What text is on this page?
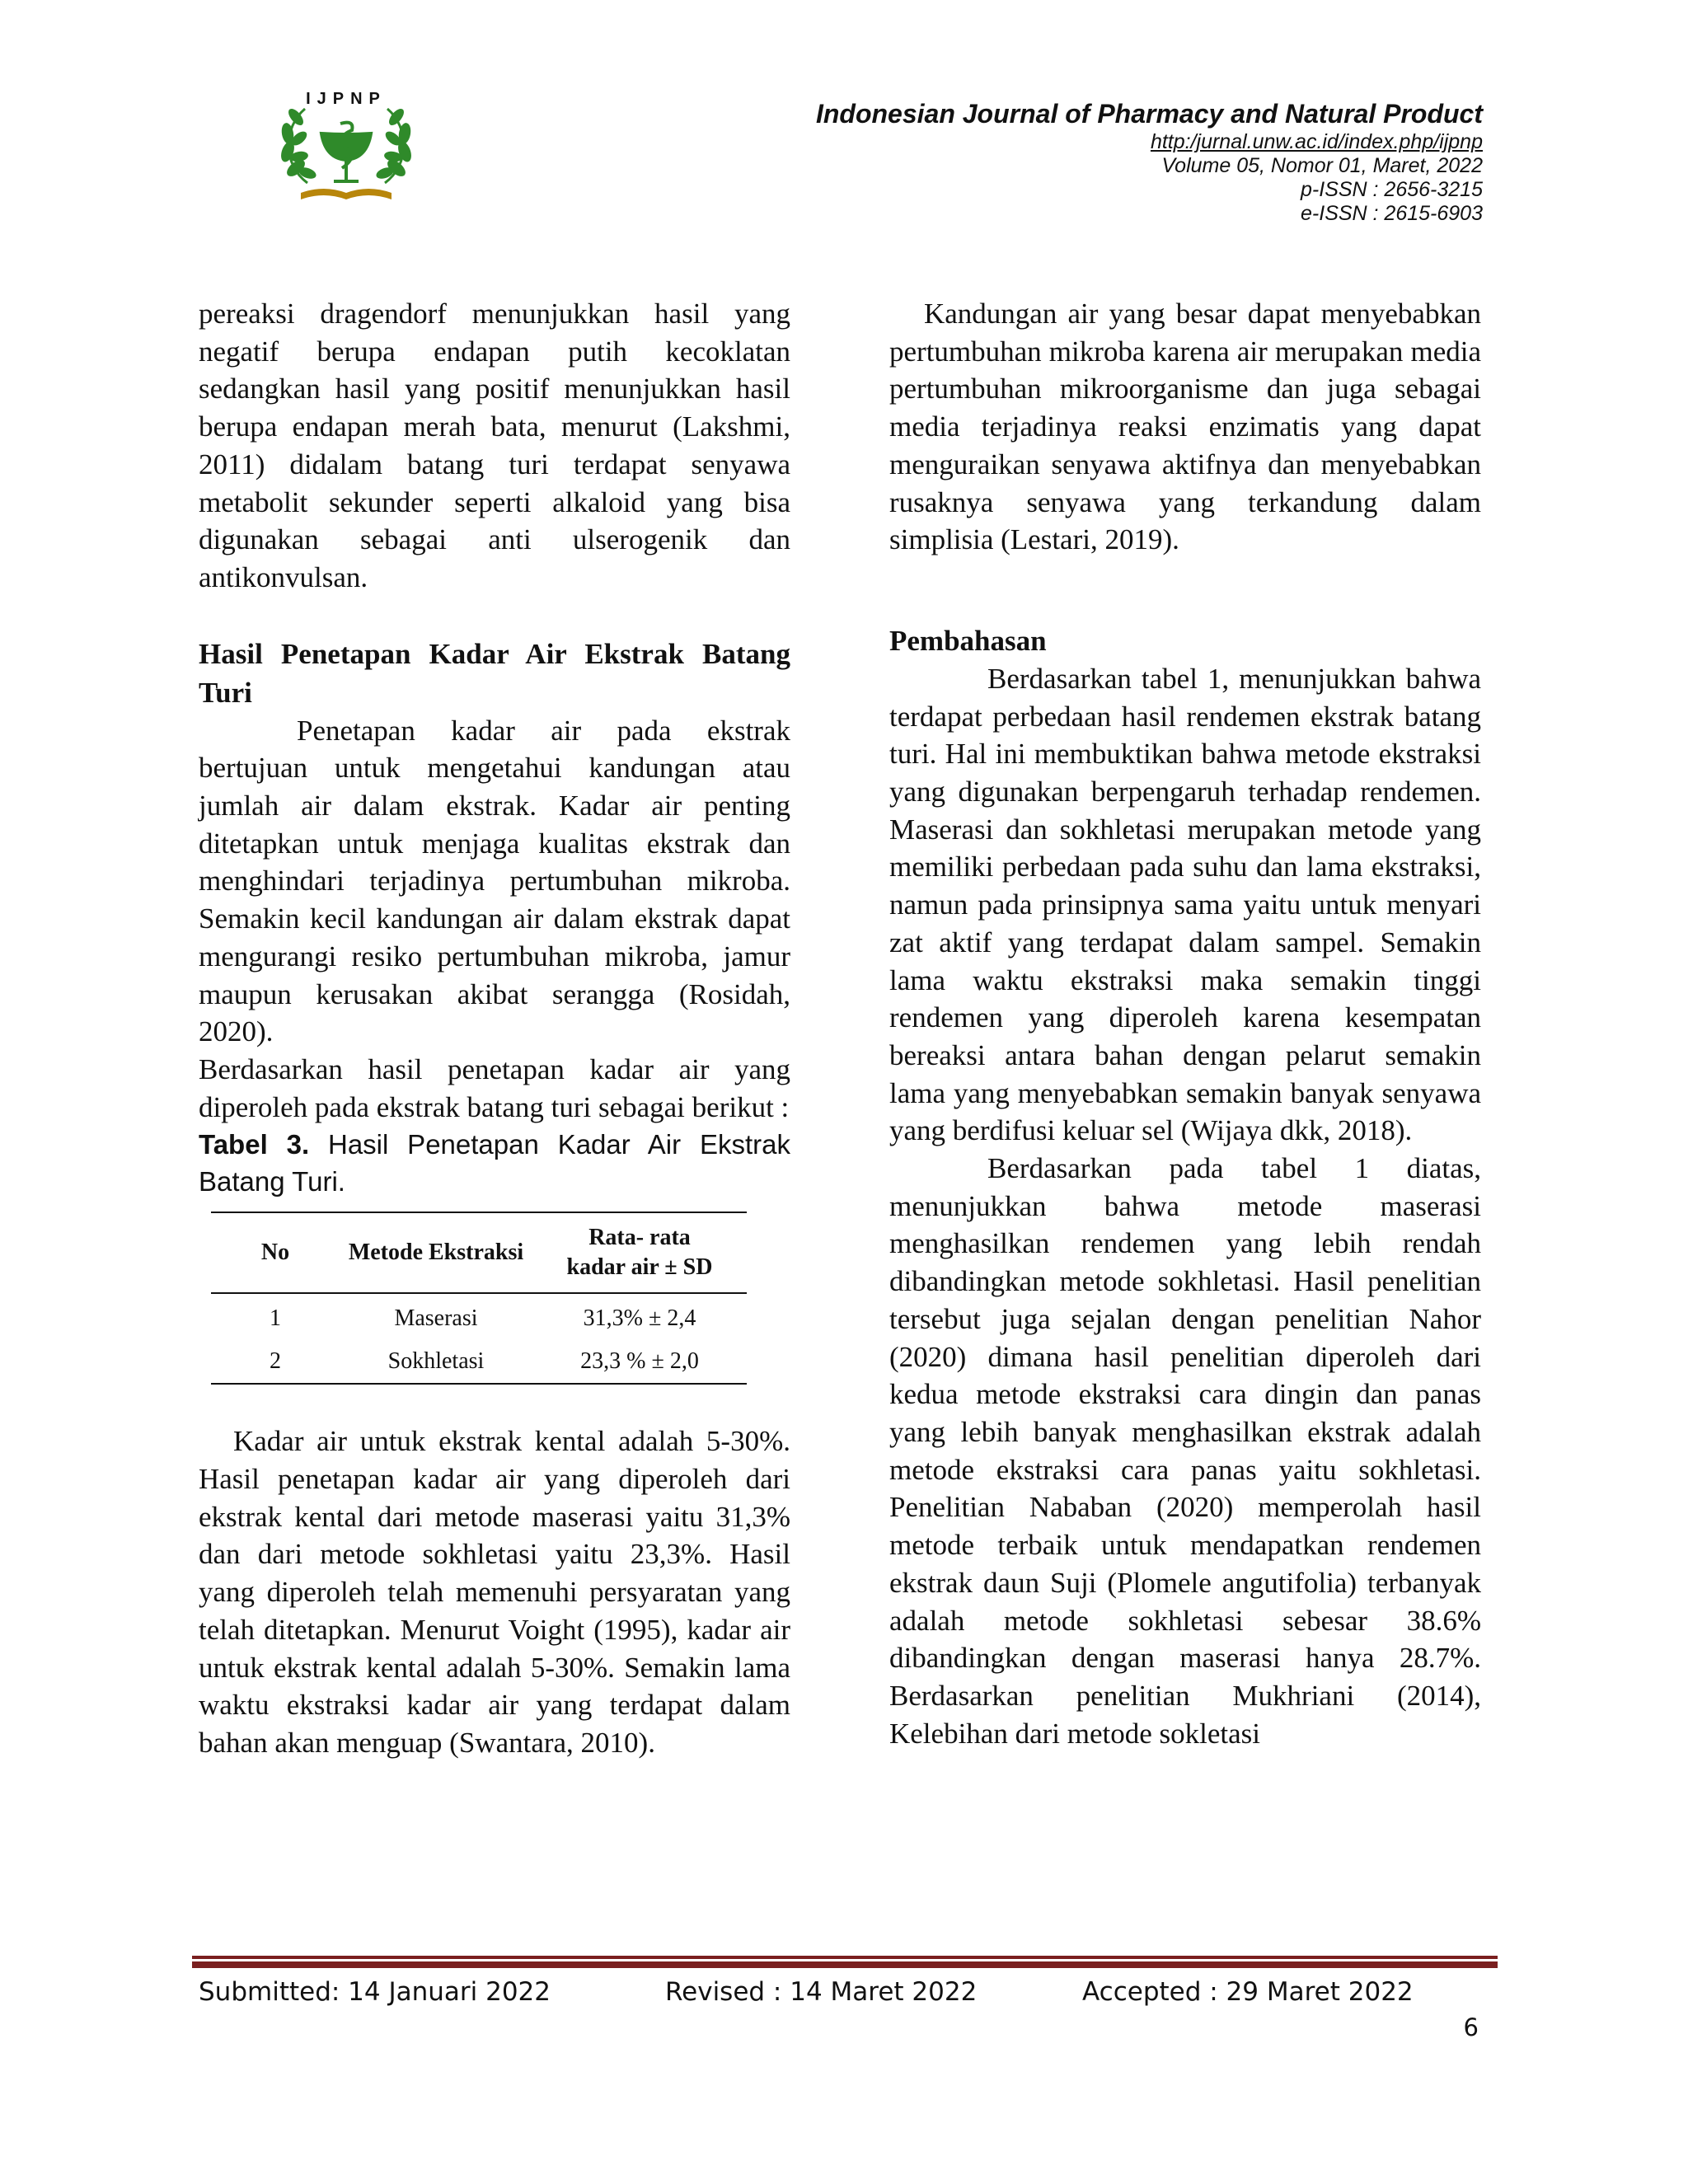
IJPNP	Indonesian Journal of Pharmacy and Natural Product
http:/jurnal.unw.ac.id/index.php/ijpnp
Volume 05, Nomor 01, Maret, 2022
p-ISSN : 2656-3215
e-ISSN : 2615-6903

pereaksi dragendorf menunjukkan hasil yang negatif berupa endapan putih kecoklatan sedangkan hasil yang positif menunjukkan hasil berupa endapan merah bata, menurut (Lakshmi, 2011) didalam batang turi terdapat senyawa metabolit sekunder seperti alkaloid yang bisa digunakan sebagai anti ulserogenik dan antikonvulsan.

Hasil Penetapan Kadar Air Ekstrak Batang Turi

Penetapan kadar air pada ekstrak bertujuan untuk mengetahui kandungan atau jumlah air dalam ekstrak. Kadar air penting ditetapkan untuk menjaga kualitas ekstrak dan menghindari terjadinya pertumbuhan mikroba. Semakin kecil kandungan air dalam ekstrak dapat mengurangi resiko pertumbuhan mikroba, jamur maupun kerusakan akibat serangga (Rosidah, 2020).

Berdasarkan hasil penetapan kadar air yang diperoleh pada ekstrak batang turi sebagai berikut :

Tabel 3. Hasil Penetapan Kadar Air Ekstrak Batang Turi.

No	Metode Ekstraksi	Rata- rata kadar air ± SD
1	Maserasi	31,3% ± 2,4
2	Sokhletasi	23,3 % ± 2,0

Kadar air untuk ekstrak kental adalah 5-30%. Hasil penetapan kadar air yang diperoleh dari ekstrak kental dari metode maserasi yaitu 31,3% dan dari metode sokhletasi yaitu 23,3%. Hasil yang diperoleh telah memenuhi persyaratan yang telah ditetapkan. Menurut Voight (1995), kadar air untuk ekstrak kental adalah 5-30%. Semakin lama waktu ekstraksi kadar air yang terdapat dalam bahan akan menguap (Swantara, 2010).

Kandungan air yang besar dapat menyebabkan pertumbuhan mikroba karena air merupakan media pertumbuhan mikroorganisme dan juga sebagai media terjadinya reaksi enzimatis yang dapat menguraikan senyawa aktifnya dan menyebabkan rusaknya senyawa yang terkandung dalam simplisia (Lestari, 2019).

Pembahasan

Berdasarkan tabel 1, menunjukkan bahwa terdapat perbedaan hasil rendemen ekstrak batang turi. Hal ini membuktikan bahwa metode ekstraksi yang digunakan berpengaruh terhadap rendemen. Maserasi dan sokhletasi merupakan metode yang memiliki perbedaan pada suhu dan lama ekstraksi, namun pada prinsipnya sama yaitu untuk menyari zat aktif yang terdapat dalam sampel. Semakin lama waktu ekstraksi maka semakin tinggi rendemen yang diperoleh karena kesempatan bereaksi antara bahan dengan pelarut semakin lama yang menyebabkan semakin banyak senyawa yang berdifusi keluar sel (Wijaya dkk, 2018).

Berdasarkan pada tabel 1 diatas, menunjukkan bahwa metode maserasi menghasilkan rendemen yang lebih rendah dibandingkan metode sokhletasi. Hasil penelitian tersebut juga sejalan dengan penelitian Nahor (2020) dimana hasil penelitian diperoleh dari kedua metode ekstraksi cara dingin dan panas yang lebih banyak menghasilkan ekstrak adalah metode ekstraksi cara panas yaitu sokhletasi. Penelitian Nababan (2020) memperolah hasil metode terbaik untuk mendapatkan rendemen ekstrak daun Suji (Plomele angutifolia) terbanyak adalah metode sokhletasi sebesar 38.6% dibandingkan dengan maserasi hanya 28.7%. Berdasarkan penelitian Mukhriani (2014), Kelebihan dari metode sokletasi

Submitted: 14 Januari 2022	Revised : 14 Maret 2022	Accepted : 29 Maret 2022
6
